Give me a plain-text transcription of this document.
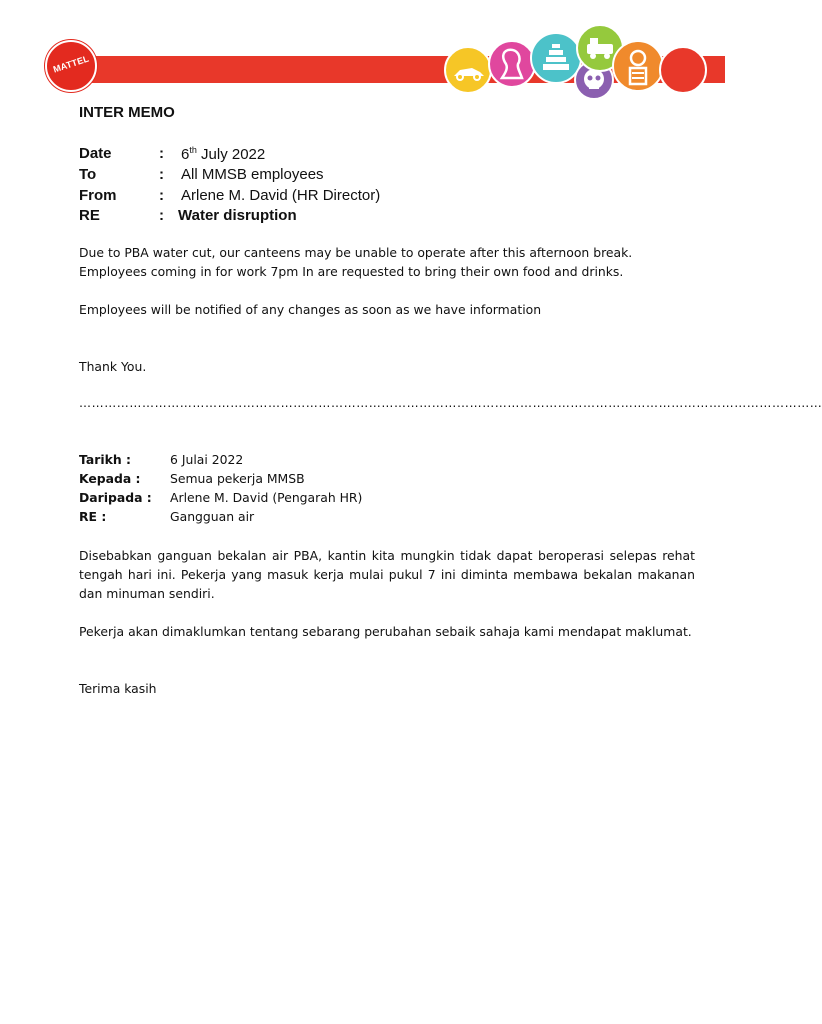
MATTEL
INTER MEMO
Date	: 6th July 2022
To	: All MMSB employees
From	: Arlene M. David (HR Director)
RE	: Water disruption
Due to PBA water cut, our canteens may be unable to operate after this afternoon break. Employees coming in for work 7pm In are requested to bring their own food and drinks.
Employees will be notified of any changes as soon as we have information
Thank You.
……………………………………………………………………………………………………………………………………………………………
Tarikh :	6 Julai 2022
Kepada : Semua pekerja MMSB
Daripada : Arlene M. David (Pengarah HR)
RE :	Gangguan air
Disebabkan ganguan bekalan air PBA, kantin kita mungkin tidak dapat beroperasi selepas rehat tengah hari ini. Pekerja yang masuk kerja mulai pukul 7 ini diminta membawa bekalan makanan dan minuman sendiri.
Pekerja akan dimaklumkan tentang sebarang perubahan sebaik sahaja kami mendapat maklumat.
Terima kasih
